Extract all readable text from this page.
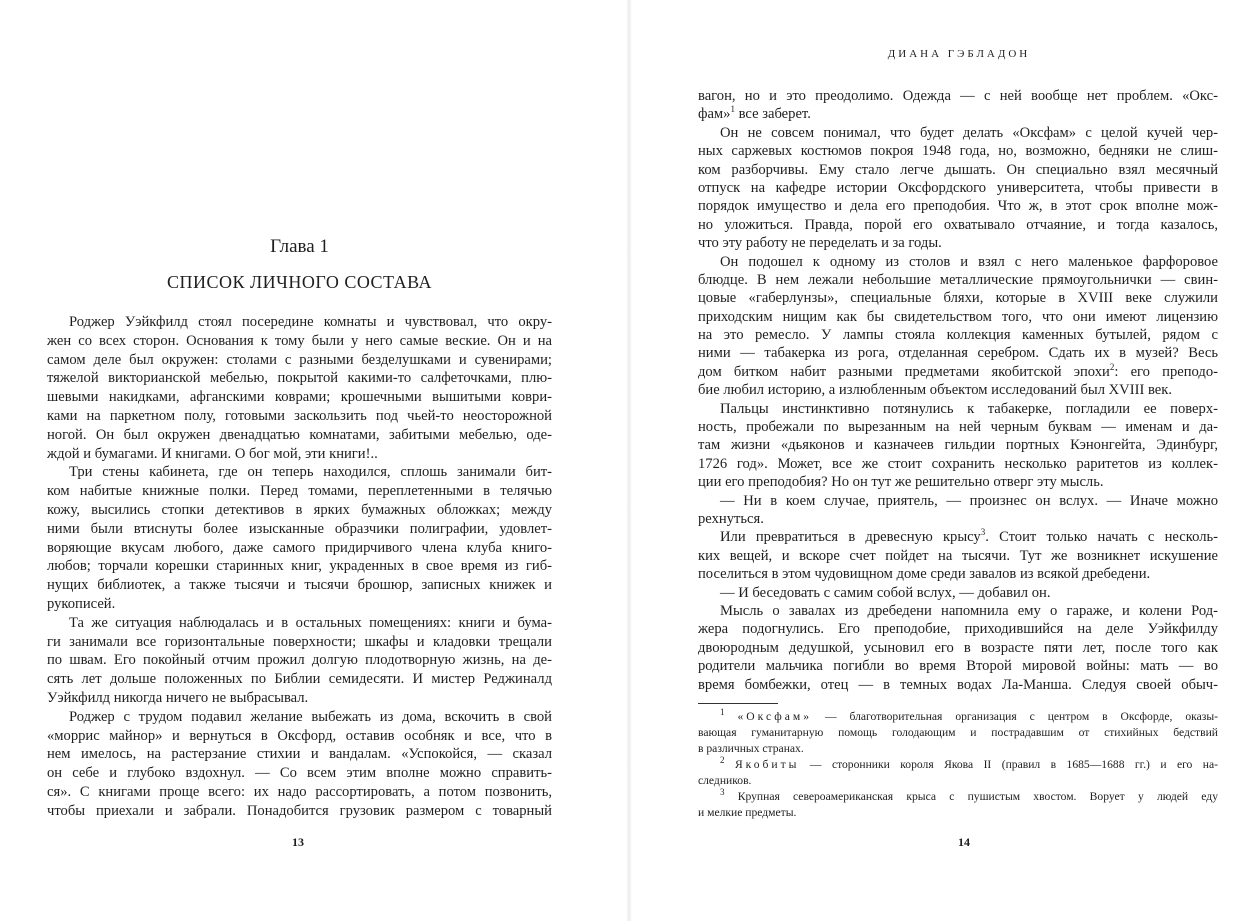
Глава 1
СПИСОК ЛИЧНОГО СОСТАВА
Роджер Уэйкфилд стоял посередине комнаты и чувствовал, что окру-
жен со всех сторон. Основания к тому были у него самые веские. Он и на
самом деле был окружен: столами с разными безделушками и сувенирами;
тяжелой викторианской мебелью, покрытой какими-то салфеточками, плю-
шевыми накидками, афганскими коврами; крошечными вышитыми коври-
ками на паркетном полу, готовыми заскользить под чьей-то неосторожной
ногой. Он был окружен двенадцатью комнатами, забитыми мебелью, оде-
ждой и бумагами. И книгами. О бог мой, эти книги!..
Три стены кабинета, где он теперь находился, сплошь занимали бит-
ком набитые книжные полки. Перед томами, переплетенными в телячью
кожу, высились стопки детективов в ярких бумажных обложках; между
ними были втиснуты более изысканные образчики полиграфии, удовлет-
воряющие вкусам любого, даже самого придирчивого члена клуба книго-
любов; торчали корешки старинных книг, украденных в свое время из гиб-
нущих библиотек, а также тысячи и тысячи брошюр, записных книжек и
рукописей.
Та же ситуация наблюдалась и в остальных помещениях: книги и бума-
ги занимали все горизонтальные поверхности; шкафы и кладовки трещали
по швам. Его покойный отчим прожил долгую плодотворную жизнь, на де-
сять лет дольше положенных по Библии семидесяти. И мистер Реджиналд
Уэйкфилд никогда ничего не выбрасывал.
Роджер с трудом подавил желание выбежать из дома, вскочить в свой
«моррис майнор» и вернуться в Оксфорд, оставив особняк и все, что в
нем имелось, на растерзание стихии и вандалам. «Успокойся, — сказал
он себе и глубоко вздохнул. — Со всем этим вполне можно справить-
ся». С книгами проще всего: их надо рассортировать, а потом позвонить,
чтобы приехали и забрали. Понадобится грузовик размером с товарный
13
ДИАНА ГЭБЛАДОН
вагон, но и это преодолимо. Одежда — с ней вообще нет проблем. «Окс-
фам»$^1$ все заберет.
Он не совсем понимал, что будет делать «Оксфам» с целой кучей чер-
ных саржевых костюмов покроя 1948 года, но, возможно, бедняки не слиш-
ком разборчивы. Ему стало легче дышать. Он специально взял месячный
отпуск на кафедре истории Оксфордского университета, чтобы привести в
порядок имущество и дела его преподобия. Что ж, в этот срок вполне мож-
но уложиться. Правда, порой его охватывало отчаяние, и тогда казалось,
что эту работу не переделать и за годы.
Он подошел к одному из столов и взял с него маленькое фарфоровое
блюдце. В нем лежали небольшие металлические прямоугольнички — свин-
цовые «габерлунзы», специальные бляхи, которые в XVIII веке служили
приходским нищим как бы свидетельством того, что они имеют лицензию
на это ремесло. У лампы стояла коллекция каменных бутылей, рядом с
ними — табакерка из рога, отделанная серебром. Сдать их в музей? Весь
дом битком набит разными предметами якобитской эпохи$^2$: его преподо-
бие любил историю, а излюбленным объектом исследований был XVIII век.
Пальцы инстинктивно потянулись к табакерке, погладили ее поверх-
ность, пробежали по вырезанным на ней черным буквам — именам и да-
там жизни «дьяконов и казначеев гильдии портных Кэнонгейта, Эдинбург,
1726 год». Может, все же стоит сохранить несколько раритетов из коллек-
ции его преподобия? Но он тут же решительно отверг эту мысль.
— Ни в коем случае, приятель, — произнес он вслух. — Иначе можно
рехнуться.
Или превратиться в древесную крысу$^3$. Стоит только начать с несколь-
ких вещей, и вскоре счет пойдет на тысячи. Тут же возникнет искушение
поселиться в этом чудовищном доме среди завалов из всякой дребедени.
— И беседовать с самим собой вслух, — добавил он.
Мысль о завалах из дребедени напомнила ему о гараже, и колени Род-
жера подогнулись. Его преподобие, приходившийся на деле Уэйкфилду
двоюродным дедушкой, усыновил его в возрасте пяти лет, после того как
родители мальчика погибли во время Второй мировой войны: мать — во
время бомбежки, отец — в темных водах Ла-Манша. Следуя своей обыч-
$^1$ «Оксфам» — благотворительная организация с центром в Оксфорде, оказы-
вающая гуманитарную помощь голодающим и пострадавшим от стихийных бедствий
в различных странах.
$^2$ Якобиты — сторонники короля Якова II (правил в 1685—1688 гг.) и его на-
следников.
$^3$ Крупная североамериканская крыса с пушистым хвостом. Ворует у людей еду
и мелкие предметы.
14
